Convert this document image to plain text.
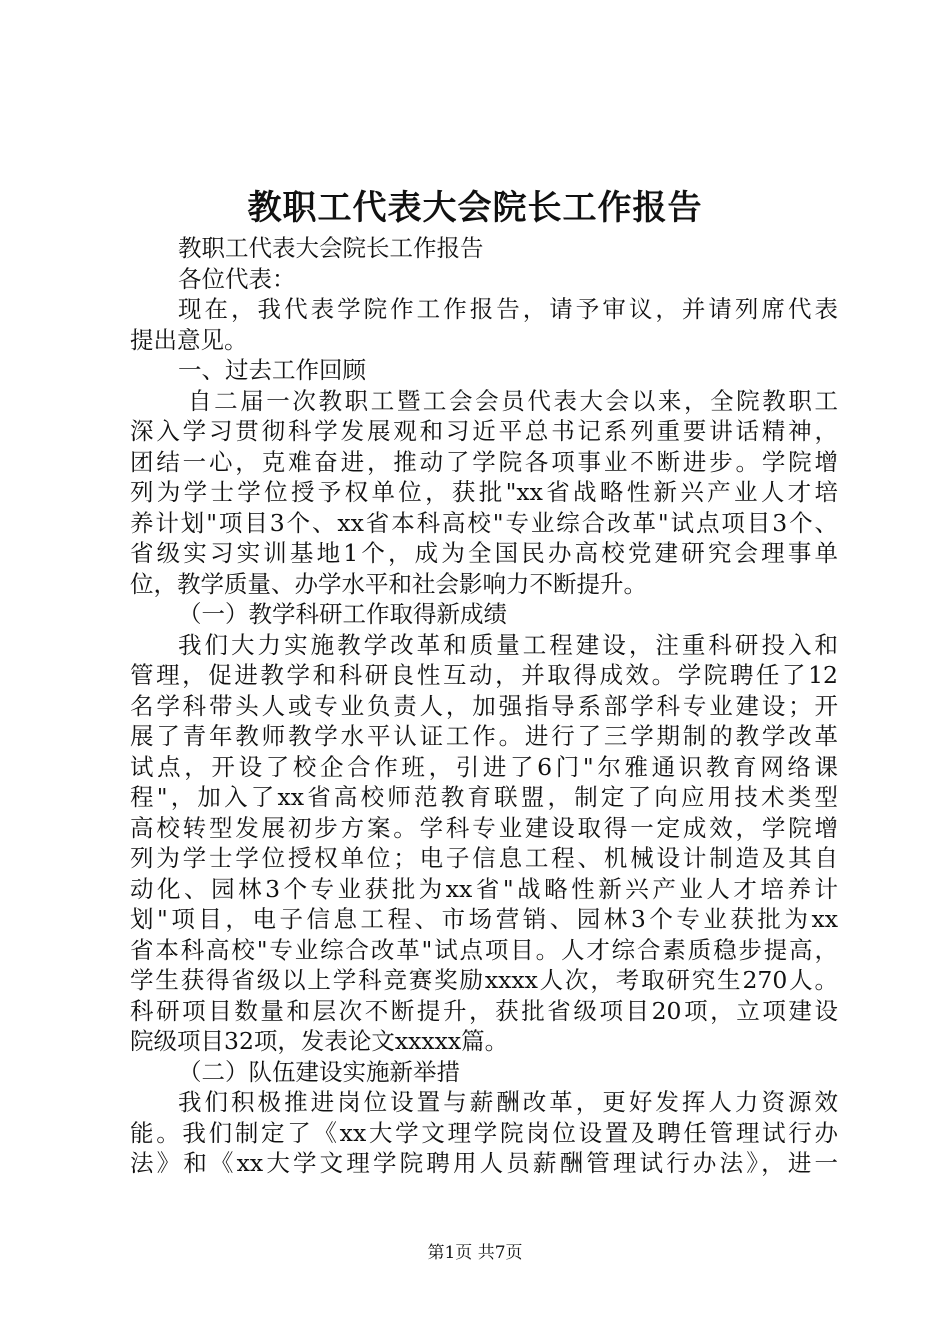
教职工代表大会院长工作报告
教职工代表大会院长工作报告
各位代表：
现在，我代表学院作工作报告，请予审议，并请列席代表
提出意见。
一、过去工作回顾
自二届一次教职工暨工会会员代表大会以来，全院教职工
深入学习贯彻科学发展观和习近平总书记系列重要讲话精神，
团结一心，克难奋进，推动了学院各项事业不断进步。学院增
列为学士学位授予权单位，获批"xx省战略性新兴产业人才培
养计划"项目3个、xx省本科高校"专业综合改革"试点项目3个、
省级实习实训基地1个，成为全国民办高校党建研究会理事单
位，教学质量、办学水平和社会影响力不断提升。
（一）教学科研工作取得新成绩
我们大力实施教学改革和质量工程建设，注重科研投入和
管理，促进教学和科研良性互动，并取得成效。学院聘任了12
名学科带头人或专业负责人，加强指导系部学科专业建设；开
展了青年教师教学水平认证工作。进行了三学期制的教学改革
试点，开设了校企合作班，引进了6门"尔雅通识教育网络课
程"，加入了xx省高校师范教育联盟，制定了向应用技术类型
高校转型发展初步方案。学科专业建设取得一定成效，学院增
列为学士学位授权单位；电子信息工程、机械设计制造及其自
动化、园林3个专业获批为xx省"战略性新兴产业人才培养计
划"项目，电子信息工程、市场营销、园林3个专业获批为xx
省本科高校"专业综合改革"试点项目。人才综合素质稳步提高，
学生获得省级以上学科竞赛奖励xxxx人次，考取研究生270人。
科研项目数量和层次不断提升，获批省级项目20项，立项建设
院级项目32项，发表论文xxxxx篇。
（二）队伍建设实施新举措
我们积极推进岗位设置与薪酬改革，更好发挥人力资源效
能。我们制定了《xx大学文理学院岗位设置及聘任管理试行办
法》和《xx大学文理学院聘用人员薪酬管理试行办法》，进一
第1页 共7页
